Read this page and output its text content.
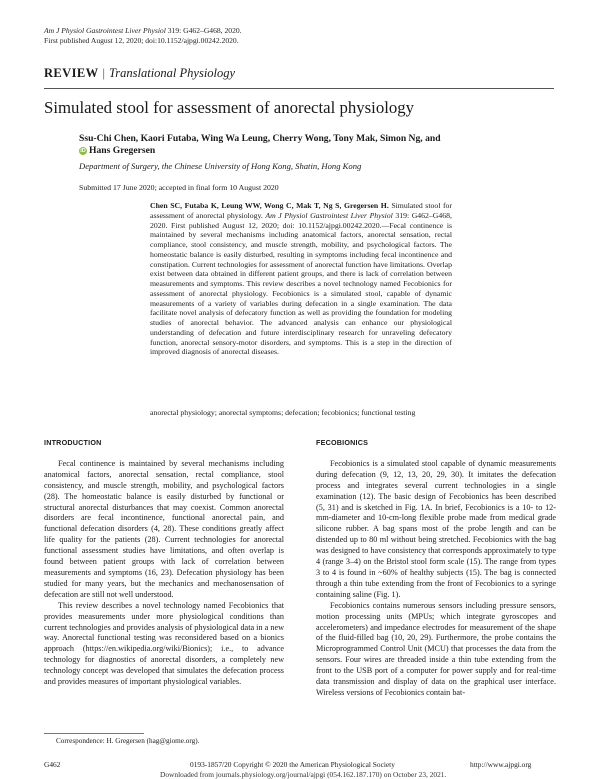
Am J Physiol Gastrointest Liver Physiol 319: G462–G468, 2020.
First published August 12, 2020; doi:10.1152/ajpgi.00242.2020.
REVIEW | Translational Physiology
Simulated stool for assessment of anorectal physiology
Ssu-Chi Chen, Kaori Futaba, Wing Wa Leung, Cherry Wong, Tony Mak, Simon Ng, and
iD Hans Gregersen
Department of Surgery, the Chinese University of Hong Kong, Shatin, Hong Kong
Submitted 17 June 2020; accepted in final form 10 August 2020
Chen SC, Futaba K, Leung WW, Wong C, Mak T, Ng S, Gregersen H. Simulated stool for assessment of anorectal physiology. Am J Physiol Gastrointest Liver Physiol 319: G462–G468, 2020. First published August 12, 2020; doi: 10.1152/ajpgi.00242.2020.—Fecal continence is maintained by several mechanisms including anatomical factors, anorectal sensation, rectal compliance, stool consistency, and muscle strength, mobility, and psychological factors. The homeostatic balance is easily disturbed, resulting in symptoms including fecal incontinence and constipation. Current technologies for assessment of anorectal function have limitations. Overlap exist between data obtained in different patient groups, and there is lack of correlation between measurements and symptoms. This review describes a novel technology named Fecobionics for assessment of anorectal physiology. Fecobionics is a simulated stool, capable of dynamic measurements of a variety of variables during defecation in a single examination. The data facilitate novel analysis of defecatory function as well as providing the foundation for modeling studies of anorectal behavior. The advanced analysis can enhance our physiological understanding of defecation and future interdisciplinary research for unraveling defecatory function, anorectal sensory-motor disorders, and symptoms. This is a step in the direction of improved diagnosis of anorectal diseases.
anorectal physiology; anorectal symptoms; defecation; fecobionics; functional testing
INTRODUCTION

Fecal continence is maintained by several mechanisms including anatomical factors, anorectal sensation, rectal compliance, stool consistency, and muscle strength, mobility, and psychological factors (28). The homeostatic balance is easily disturbed by functional or structural anorectal disturbances that may coexist. Common anorectal disorders are fecal incontinence, functional anorectal pain, and functional defecation disorders (4, 28). These conditions greatly affect life quality for the patients (28). Current technologies for anorectal functional assessment studies have limitations, and often overlap is found between patient groups with lack of correlation between measurements and symptoms (16, 23). Defecation physiology has been studied for many years, but the mechanics and mechanosensation of defecation are still not well understood.

This review describes a novel technology named Fecobionics that provides measurements under more physiological conditions than current technologies and provides analysis of physiological data in a new way. Anorectal functional testing was reconsidered based on a bionics approach (https://en.wikipedia.org/wiki/Bionics); i.e., to advance technology for diagnostics of anorectal disorders, a completely new technology concept was developed that simulates the defecation process and provides measures of important physiological variables.

FECOBIONICS

Fecobionics is a simulated stool capable of dynamic measurements during defecation (9, 12, 13, 20, 29, 30). It imitates the defecation process and integrates several current technologies in a single examination (12). The basic design of Fecobionics has been described (5, 31) and is sketched in Fig. 1A. In brief, Fecobionics is a 10- to 12-mm-diameter and 10-cm-long flexible probe made from medical grade silicone rubber. A bag spans most of the probe length and can be distended up to 80 ml without being stretched. Fecobionics with the bag was designed to have consistency that corresponds approximately to type 4 (range 3–4) on the Bristol stool form scale (15). The range from types 3 to 4 is found in ~60% of healthy subjects (15). The bag is connected through a thin tube extending from the front of Fecobionics to a syringe containing saline (Fig. 1).

Fecobionics contains numerous sensors including pressure sensors, motion processing units (MPUs; which integrate gyroscopes and accelerometers) and impedance electrodes for measurement of the shape of the fluid-filled bag (10, 20, 29). Furthermore, the probe contains the Microprogrammed Control Unit (MCU) that processes the data from the sensors. Four wires are threaded inside a thin tube extending from the front to the USB port of a computer for power supply and for real-time data transmission and display of data on the graphical user interface. Wireless versions of Fecobionics contain bat-

Correspondence: H. Gregersen (hag@giome.org).
G462	0193-1857/20 Copyright © 2020 the American Physiological Society	http://www.ajpgi.org
Downloaded from journals.physiology.org/journal/ajpgi (054.162.187.170) on October 23, 2021.
